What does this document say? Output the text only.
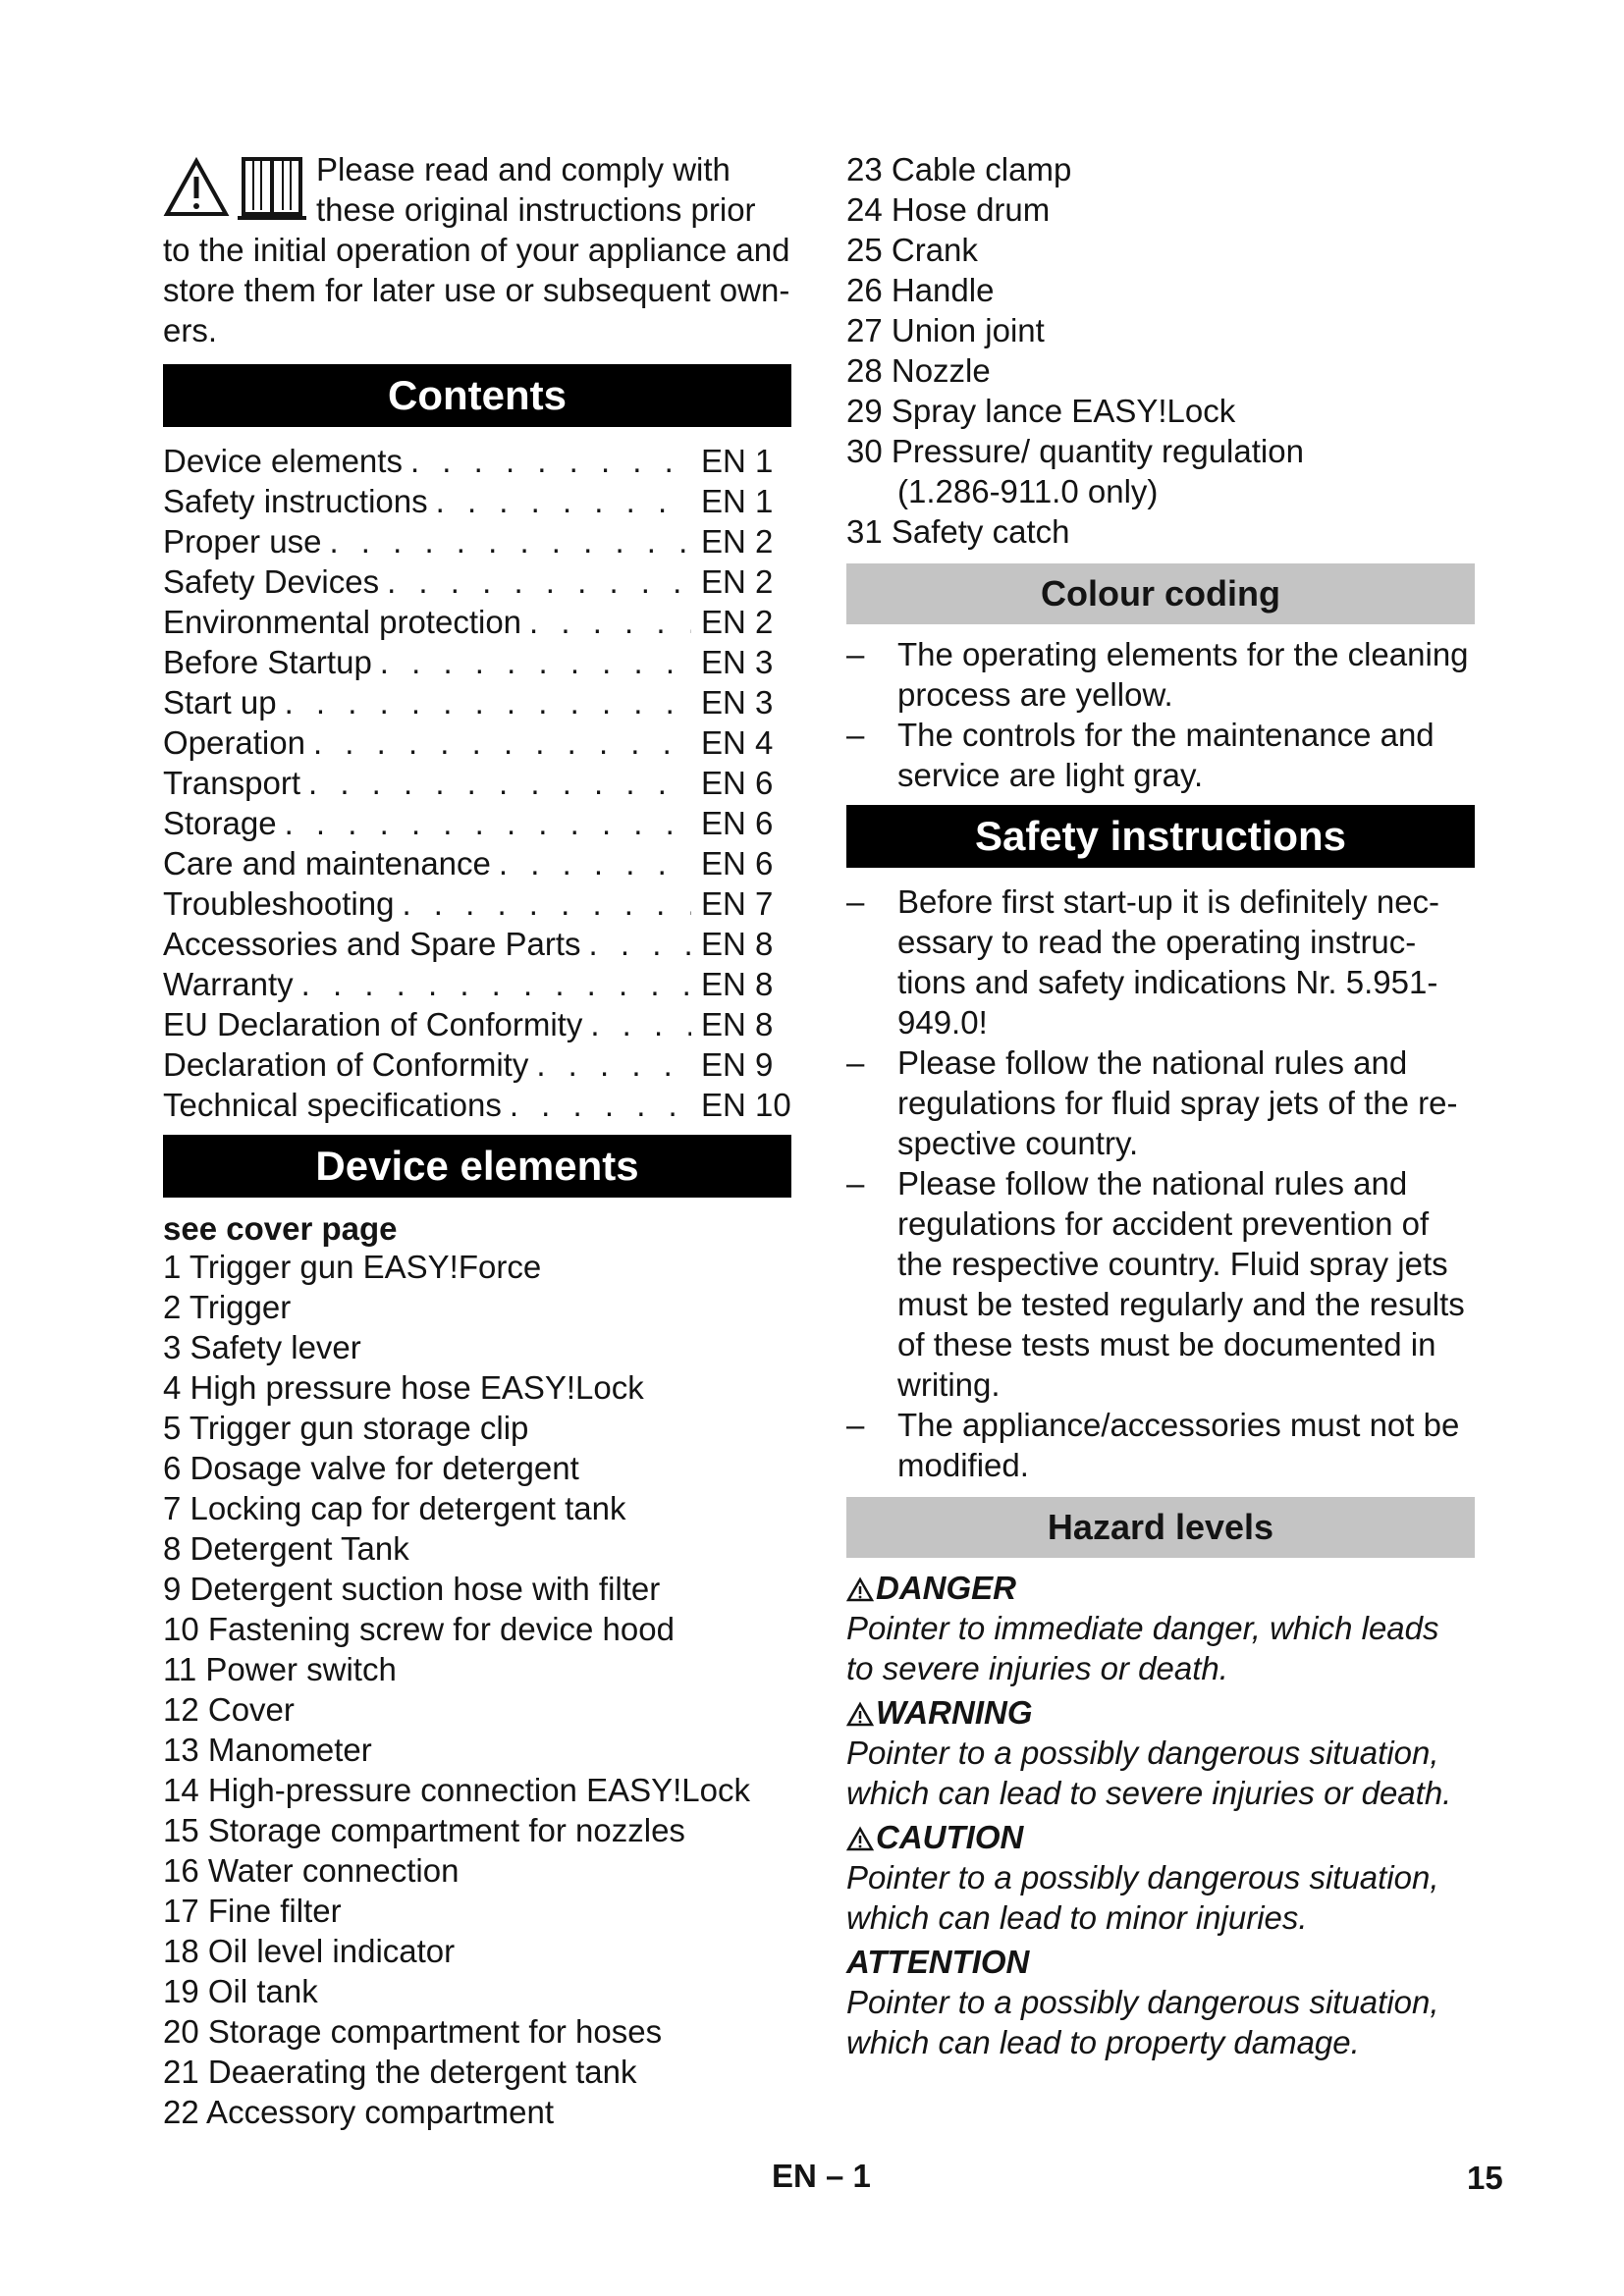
Please read and comply with
these original instructions prior
to the initial operation of your appliance and store them for later use or subsequent own-ers.
Contents
Device elements . . .	EN 1
Safety instructions . . .	EN 1
Proper use . . .	EN 2
Safety Devices . . .	EN 2
Environmental protection . . .	EN 2
Before Startup . . .	EN 3
Start up . . .	EN 3
Operation . . .	EN 4
Transport . . .	EN 6
Storage . . .	EN 6
Care and maintenance . . .	EN 6
Troubleshooting . . .	EN 7
Accessories and Spare Parts . . .	EN 8
Warranty . . .	EN 8
EU Declaration of Conformity . . .	EN 8
Declaration of Conformity . . .	EN 9
Technical specifications . . .	EN 10
Device elements
see cover page
1 Trigger gun EASY!Force
2 Trigger
3 Safety lever
4 High pressure hose EASY!Lock
5 Trigger gun storage clip
6 Dosage valve for detergent
7 Locking cap for detergent tank
8 Detergent Tank
9 Detergent suction hose with filter
10 Fastening screw for device hood
11 Power switch
12 Cover
13 Manometer
14 High-pressure connection EASY!Lock
15 Storage compartment for nozzles
16 Water connection
17 Fine filter
18 Oil level indicator
19 Oil tank
20 Storage compartment for hoses
21 Deaerating the detergent tank
22 Accessory compartment
23 Cable clamp
24 Hose drum
25 Crank
26 Handle
27 Union joint
28 Nozzle
29 Spray lance EASY!Lock
30 Pressure/ quantity regulation
(1.286-911.0 only)
31 Safety catch
Colour coding
–
The operating elements for the cleaning process are yellow.
–
The controls for the maintenance and service are light gray.
Safety instructions
–
Before first start-up it is definitely nec-essary to read the operating instruc-tions and safety indications Nr. 5.951-949.0!
–
Please follow the national rules and regulations for fluid spray jets of the re-spective country.
–
Please follow the national rules and regulations for accident prevention of the respective country. Fluid spray jets must be tested regularly and the results of these tests must be documented in writing.
–
The appliance/accessories must not be modified.
Hazard levels
DANGER
Pointer to immediate danger, which leads to severe injuries or death.
WARNING
Pointer to a possibly dangerous situation, which can lead to severe injuries or death.
CAUTION
Pointer to a possibly dangerous situation, which can lead to minor injuries.
ATTENTION
Pointer to a possibly dangerous situation, which can lead to property damage.
EN – 1	15
